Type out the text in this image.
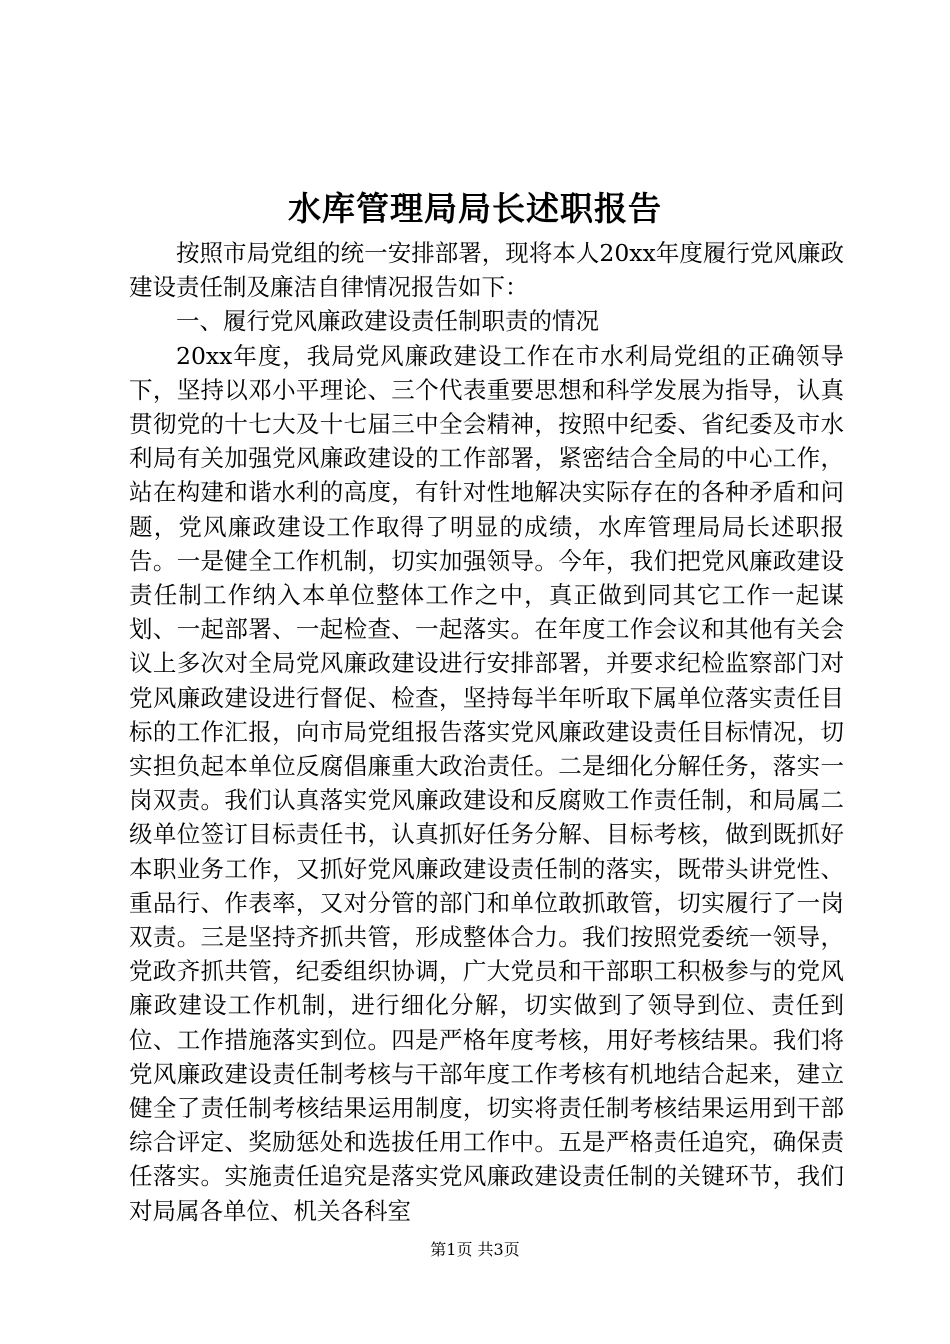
水库管理局局长述职报告

按照市局党组的统一安排部署，现将本人20xx年度履行党风廉政建设责任制及廉洁自律情况报告如下：

一、履行党风廉政建设责任制职责的情况

20xx年度，我局党风廉政建设工作在市水利局党组的正确领导下，坚持以邓小平理论、三个代表重要思想和科学发展为指导，认真贯彻党的十七大及十七届三中全会精神，按照中纪委、省纪委及市水利局有关加强党风廉政建设的工作部署，紧密结合全局的中心工作，站在构建和谐水利的高度，有针对性地解决实际存在的各种矛盾和问题，党风廉政建设工作取得了明显的成绩，水库管理局局长述职报告。一是健全工作机制，切实加强领导。今年，我们把党风廉政建设责任制工作纳入本单位整体工作之中，真正做到同其它工作一起谋划、一起部署、一起检查、一起落实。在年度工作会议和其他有关会议上多次对全局党风廉政建设进行安排部署，并要求纪检监察部门对党风廉政建设进行督促、检查，坚持每半年听取下属单位落实责任目标的工作汇报，向市局党组报告落实党风廉政建设责任目标情况，切实担负起本单位反腐倡廉重大政治责任。二是细化分解任务，落实一岗双责。我们认真落实党风廉政建设和反腐败工作责任制，和局属二级单位签订目标责任书，认真抓好任务分解、目标考核，做到既抓好本职业务工作，又抓好党风廉政建设责任制的落实，既带头讲党性、重品行、作表率，又对分管的部门和单位敢抓敢管，切实履行了一岗双责。三是坚持齐抓共管，形成整体合力。我们按照党委统一领导，党政齐抓共管，纪委组织协调，广大党员和干部职工积极参与的党风廉政建设工作机制，进行细化分解，切实做到了领导到位、责任到位、工作措施落实到位。四是严格年度考核，用好考核结果。我们将党风廉政建设责任制考核与干部年度工作考核有机地结合起来，建立健全了责任制考核结果运用制度，切实将责任制考核结果运用到干部综合评定、奖励惩处和选拔任用工作中。五是严格责任追究，确保责任落实。实施责任追究是落实党风廉政建设责任制的关键环节，我们对局属各单位、机关各科室

第1页 共3页
